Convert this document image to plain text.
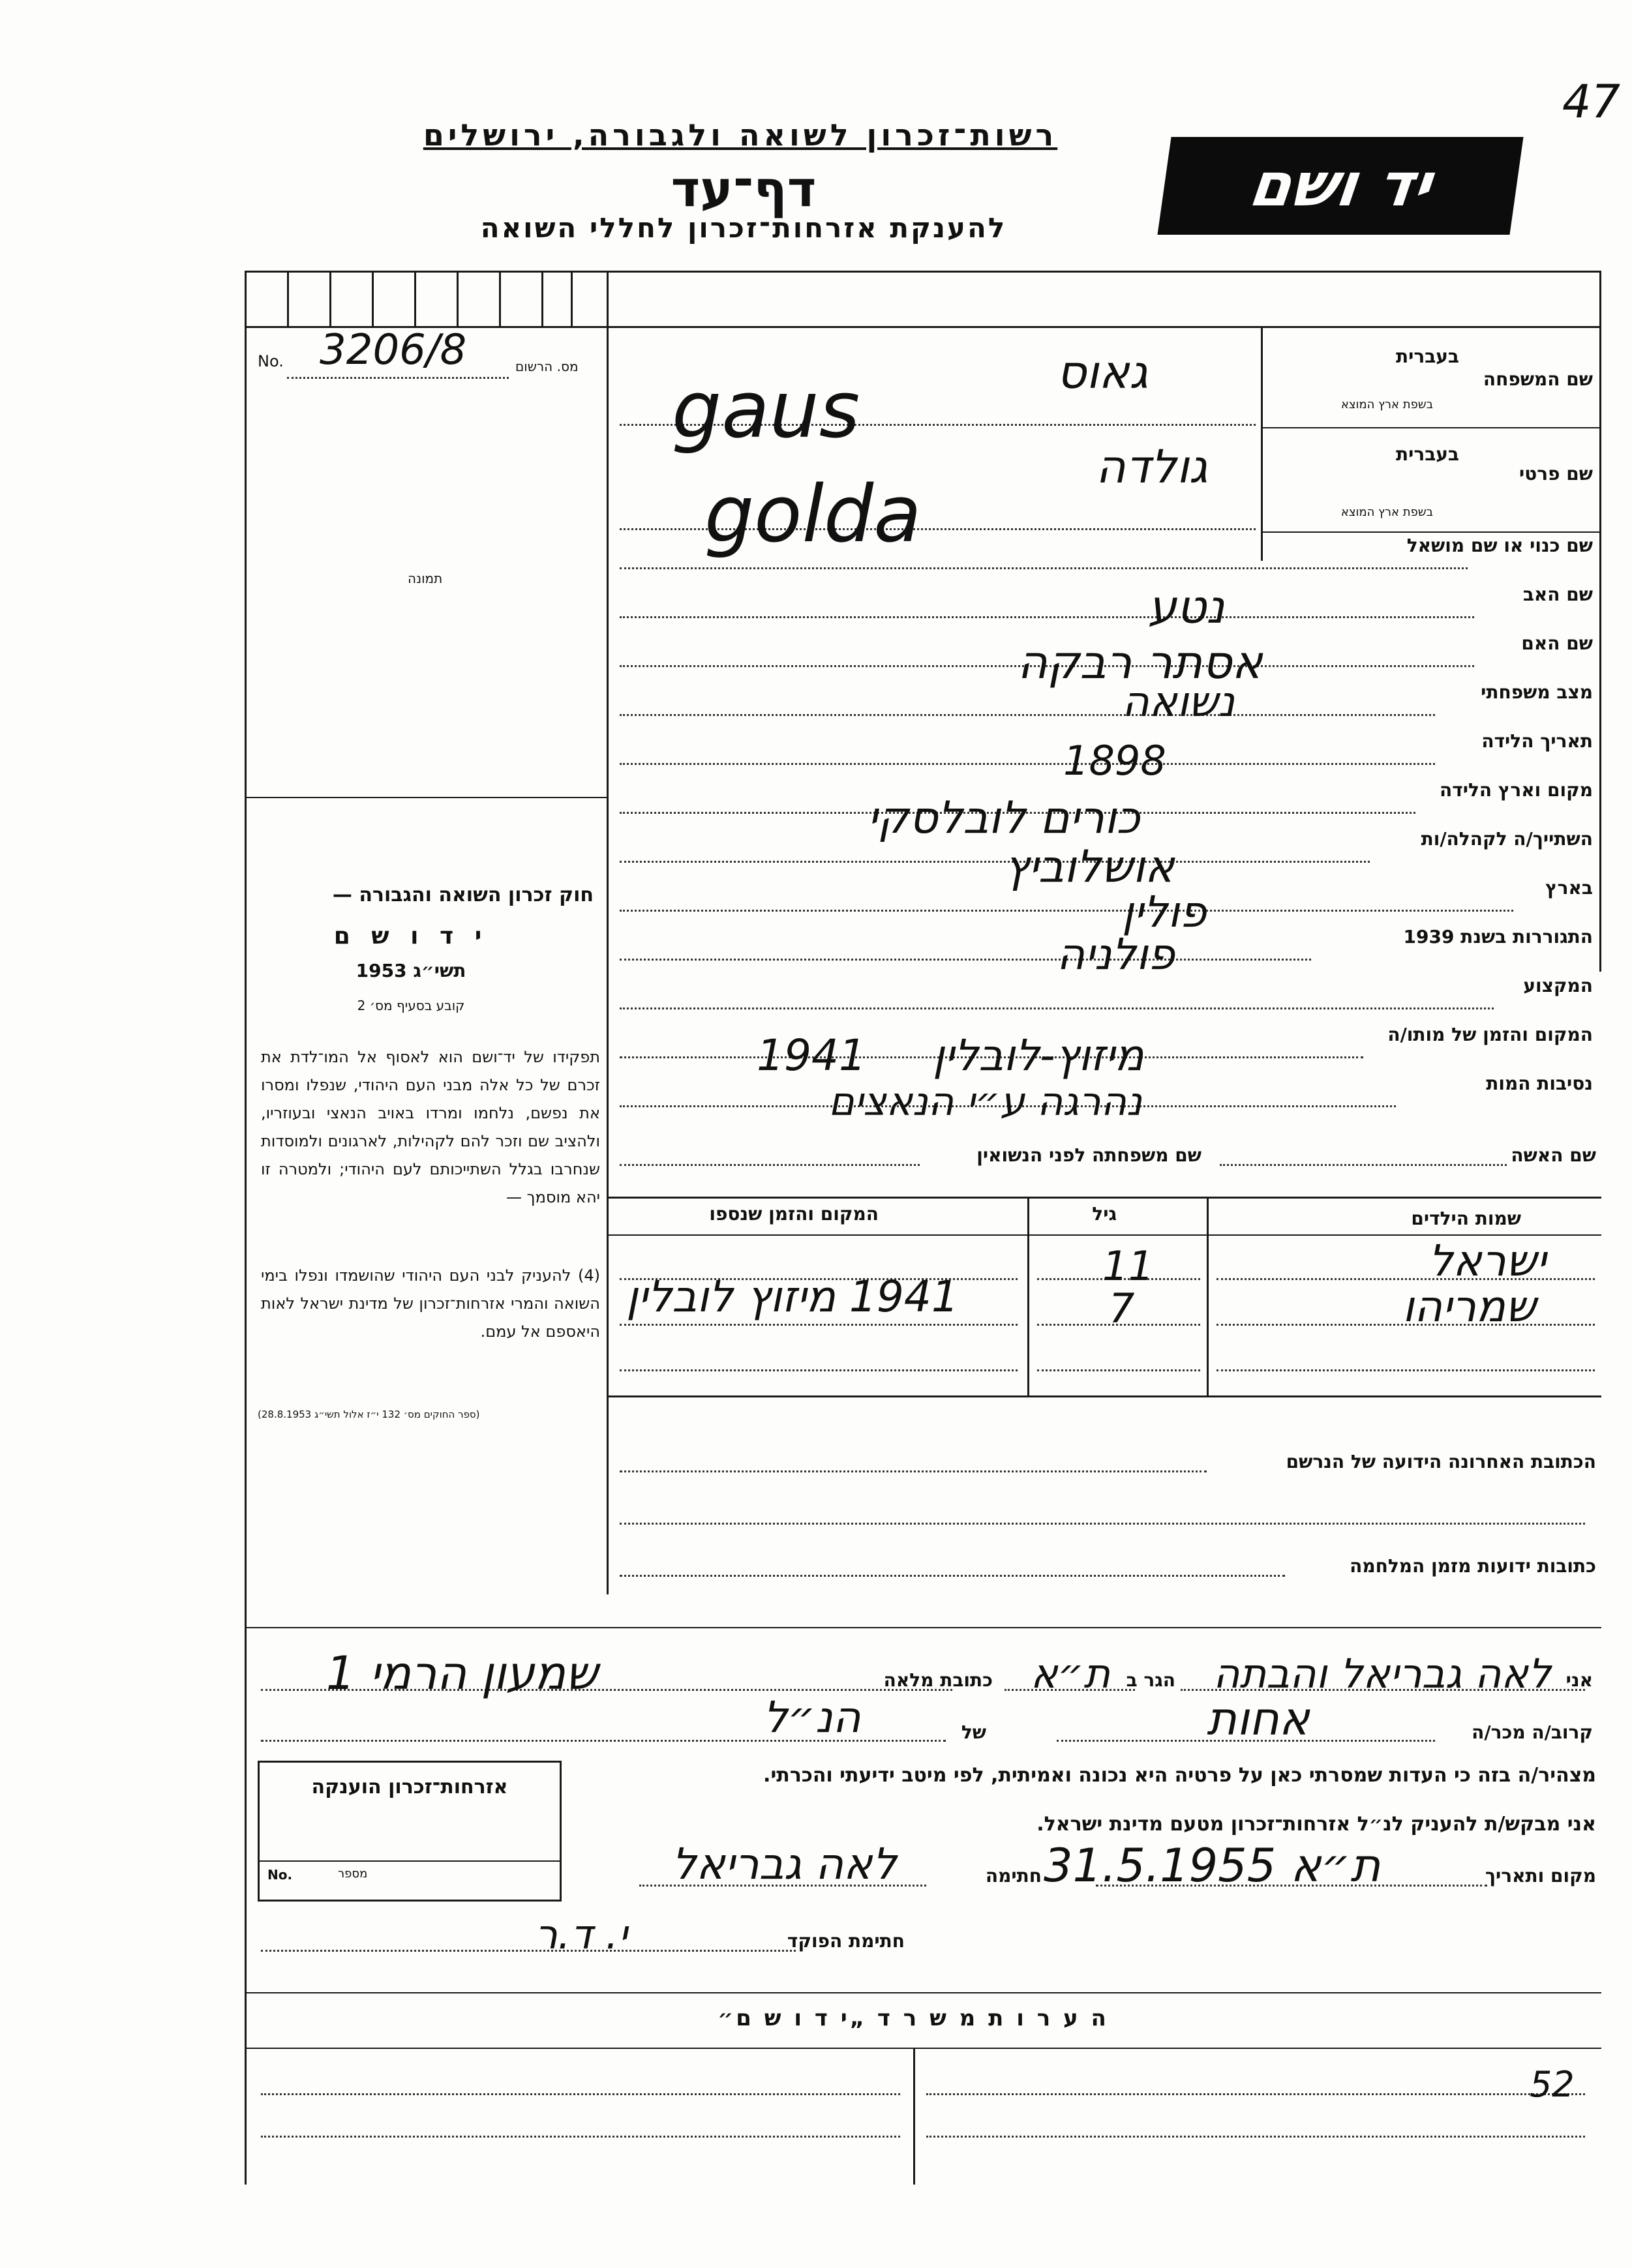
47
רשות־זכרון לשואה ולגבורה, ירושלים
דף־עד
להענקת אזרחות־זכרון לחללי השואה
יד ושם
No. 3206/8	מס. הרשום
תמונה
חוק זכרון השואה והגבורה —
י ד ו ש ם
תשי״ג 1953
קובע בסעיף מס׳ 2
תפקידו של יד־ושם הוא לאסוף אל המו־לדת את זכרם של כל אלה מבני העם היהודי, שנפלו ומסרו את נפשם, נלחמו ומרדו באויב הנאצי ובעוזריו, ולהציב שם וזכר להם לקהילות, לארגונים ולמוסדות שנחרבו בגלל השתייכותם לעם היהודי; ולמטרה זו יהא מוסמך —
(4) להעניק לבני העם היהודי שהושמדו ונפלו בימי השואה והמרי אזרחות־זכרון של מדינת ישראל לאות היאספם אל עמם.
(ספר החוקים מס׳ 132 י״ז אלול תשי״ג 28.8.1953)
בעברית
שם המשפחה
בשפת ארץ המוצא
בעברית
שם פרטי
בשפת ארץ המוצא
שם כנוי או שם מושאל
שם האב
שם האם
מצב משפחתי
תאריך הלידה
מקום וארץ הלידה
השתייך/ה לקהלה/ות
בארץ
התגוררות בשנת 1939
המקצוע
המקום והזמן של מותו/ה
נסיבות המות
גאוס
gaus
גולדה
golda
נטע
אסתר רבקה
נשואה
1898
כורים לובלסקי
אושלוביץ
פולין
פולניה
1941 מיזוץ-לובלין
נהרגה ע״י הנאצים
שם האשה
שם משפחתה לפני הנשואין
שמות הילדים
גיל
המקום והזמן שנספו
ישראל
11
שמריהו
7
1941 מיזוץ לובלין
הכתובת האחרונה הידועה של הנרשם
כתובות ידועות מזמן המלחמה
אני
לאה גבריאל והבתה
הגר ב
ת״א
כתובת מלאה
שמעון הרמי 1
קרוב/ה מכר/ה
אחות
של
הנ״ל
מצהיר/ה בזה כי העדות שמסרתי כאן על פרטיה היא נכונה ואמיתית, לפי מיטב ידיעתי והכרתי.
אני מבקש/ת להעניק לנ״ל אזרחות־זכרון מטעם מדינת ישראל.
מקום ותאריך
ת״א 31.5.1955
חתימה
לאה גבריאל
חתימת הפוקד
י. ד.ר
אזרחות־זכרון הוענקה
No.	מספר
ה ע ר ו ת מ ש ר ד „י ד ו ש ם״
52
